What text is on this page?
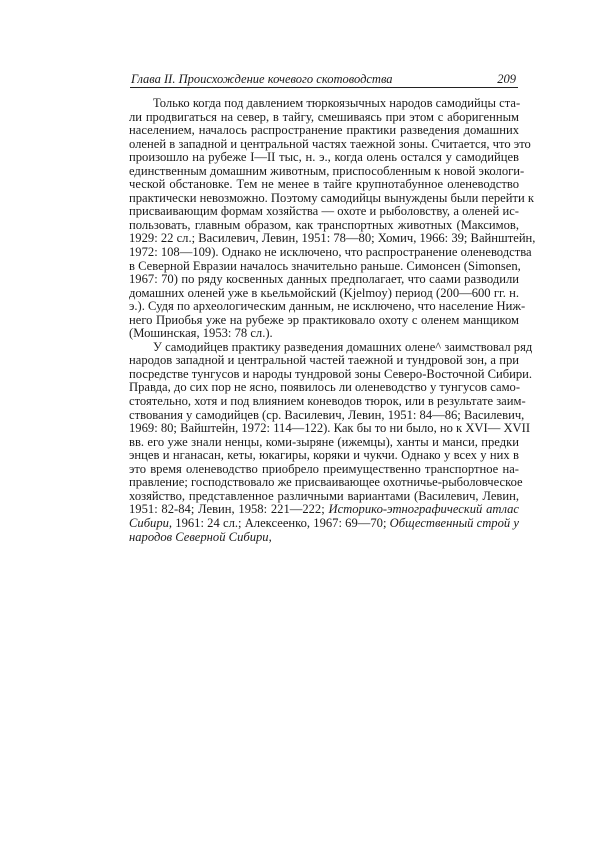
Глава II. Происхождение кочевого скотоводства	209
Только когда под давлением тюркоязычных народов самодийцы ста-
ли продвигаться на север, в тайгу, смешиваясь при этом с аборигенным
населением, началось распространение практики разведения домашних
оленей в западной и центральной частях таежной зоны. Считается, что это
произошло на рубеже I—II тыс, н. э., когда олень остался у самодийцев
единственным домашним животным, приспособленным к новой экологи-
ческой обстановке. Тем не менее в тайге крупнотабунное оленеводство
практически невозможно. Поэтому самодийцы вынуждены были перейти к
присваивающим формам хозяйства — охоте и рыболовству, а оленей ис-
пользовать, главным образом, как транспортных животных (Максимов,
1929: 22 сл.; Василевич, Левин, 1951: 78—80; Хомич, 1966: 39; Вайнштейн,
1972: 108—109). Однако не исключено, что распространение оленеводства
в Северной Евразии началось значительно раньше. Симонсен (Simonsen,
1967: 70) по ряду косвенных данных предполагает, что саами разводили
домашних оленей уже в кьельмойский (Kjelmoy) период (200—600 гг. н.
э.). Судя по археологическим данным, не исключено, что население Ниж-
него Приобья уже на рубеже эр практиковало охоту с оленем манщиком
(Мошинская, 1953: 78 сл.).
У самодийцев практику разведения домашних олене^ заимствовал ряд
народов западной и центральной частей таежной и тундровой зон, а при
посредстве тунгусов и народы тундровой зоны Северо-Восточной Сибири.
Правда, до сих пор не ясно, появилось ли оленеводство у тунгусов само-
стоятельно, хотя и под влиянием коневодов тюрок, или в результате заим-
ствования у самодийцев (ср. Василевич, Левин, 1951: 84—86; Василевич,
1969: 80; Вайштейн, 1972: 114—122). Как бы то ни было, но к XVI— XVII
вв. его уже знали ненцы, коми-зыряне (ижемцы), ханты и манси, предки
энцев и нганасан, кеты, юкагиры, коряки и чукчи. Однако у всех у них в
это время оленеводство приобрело преимущественно транспортное на-
правление; господствовало же присваивающее охотничье-рыболовческое
хозяйство, представленное различными вариантами (Василевич, Левин,
1951: 82-84; Левин, 1958: 221—222; Историко-этнографический атлас
Сибири, 1961: 24 сл.; Алексеенко, 1967: 69—70; Общественный строй у
народов Северной Сибири,
